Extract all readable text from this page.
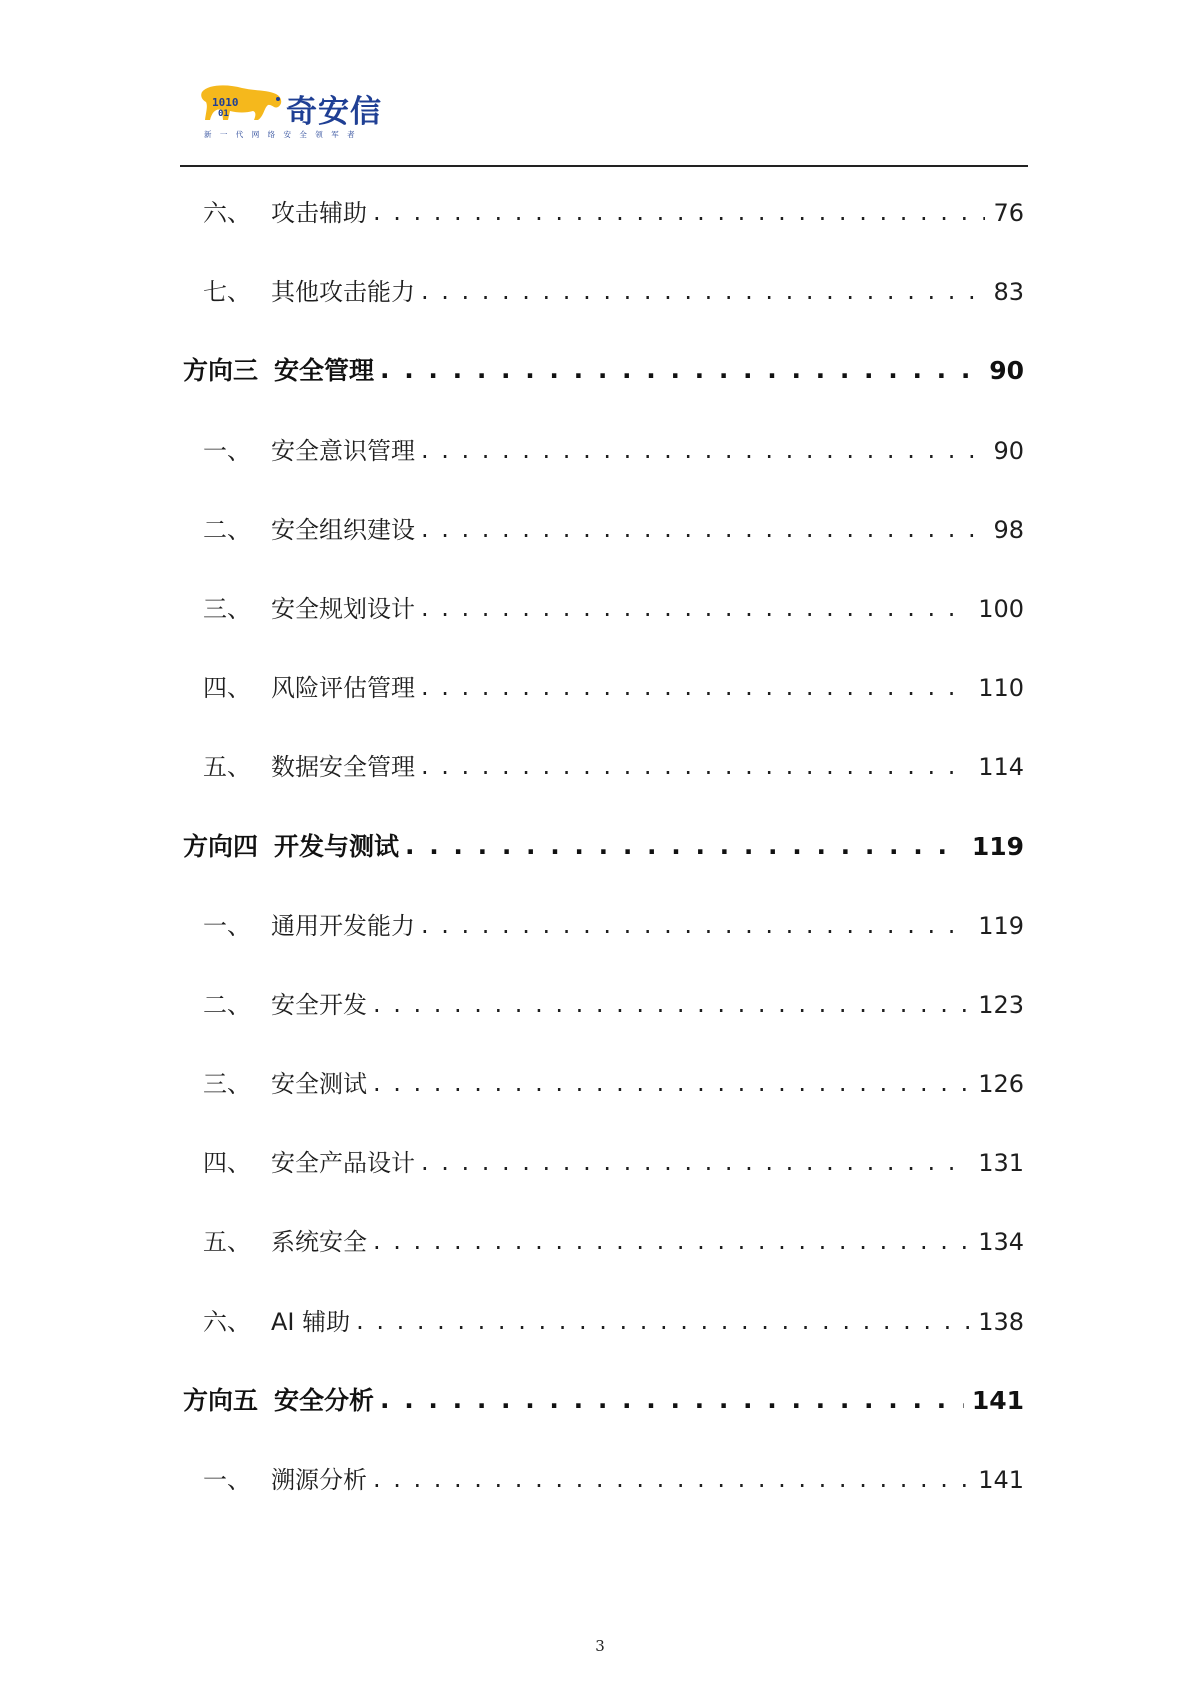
1010
01 奇安信
新一代网络安全领军者
六、 攻击辅助 . . .	76
七、 其他攻击能力 . . .	83
方向三 安全管理 . . .	90
一、 安全意识管理 . . .	90
二、 安全组织建设 . . .	98
三、 安全规划设计 . . .	100
四、 风险评估管理 . . .	110
五、 数据安全管理 . . .	114
方向四 开发与测试 . . .	119
一、 通用开发能力 . . .	119
二、 安全开发 . . .	123
三、 安全测试 . . .	126
四、 安全产品设计 . . .	131
五、 系统安全 . . .	134
六、 AI 辅助 . . .	138
方向五 安全分析 . . .	141
一、 溯源分析 . . .	141
3
